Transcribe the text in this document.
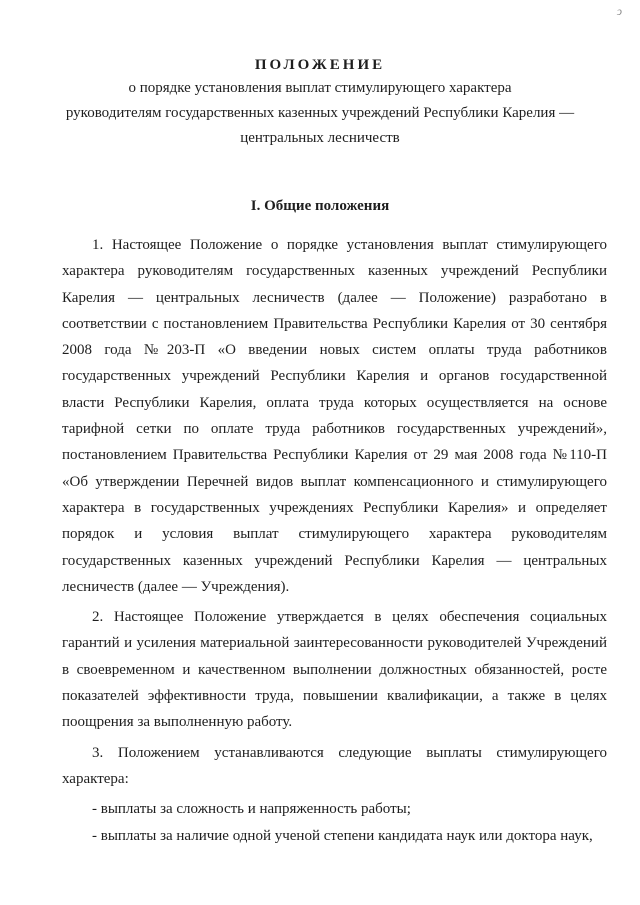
ↄ

ПОЛОЖЕНИЕ

о порядке установления выплат стимулирующего характера

руководителям государственных казенных учреждений Республики Карелия —

центральных лесничеств

I. Общие положения

1. Настоящее Положение о порядке установления выплат стимулирующего характера руководителям государственных казенных учреждений Республики Карелия — центральных лесничеств (далее — Положение) разработано в соответствии с постановлением Правительства Республики Карелия от 30 сентября 2008 года №203-П «О введении новых систем оплаты труда работников государственных учреждений Республики Карелия и органов государственной власти Республики Карелия, оплата труда которых осуществляется на основе тарифной сетки по оплате труда работников государственных учреждений», постановлением Правительства Республики Карелия от 29 мая 2008 года №110-П «Об утверждении Перечней видов выплат компенсационного и стимулирующего характера в государственных учреждениях Республики Карелия» и определяет порядок и условия выплат стимулирующего характера руководителям государственных казенных учреждений Республики Карелия — центральных лесничеств (далее — Учреждения).

2. Настоящее Положение утверждается в целях обеспечения социальных гарантий и усиления материальной заинтересованности руководителей Учреждений в своевременном и качественном выполнении должностных обязанностей, росте показателей эффективности труда, повышении квалификации, а также в целях поощрения за выполненную работу.

3. Положением устанавливаются следующие выплаты стимулирующего характера:

- выплаты за сложность и напряженность работы;

- выплаты за наличие одной ученой степени кандидата наук или доктора наук,
